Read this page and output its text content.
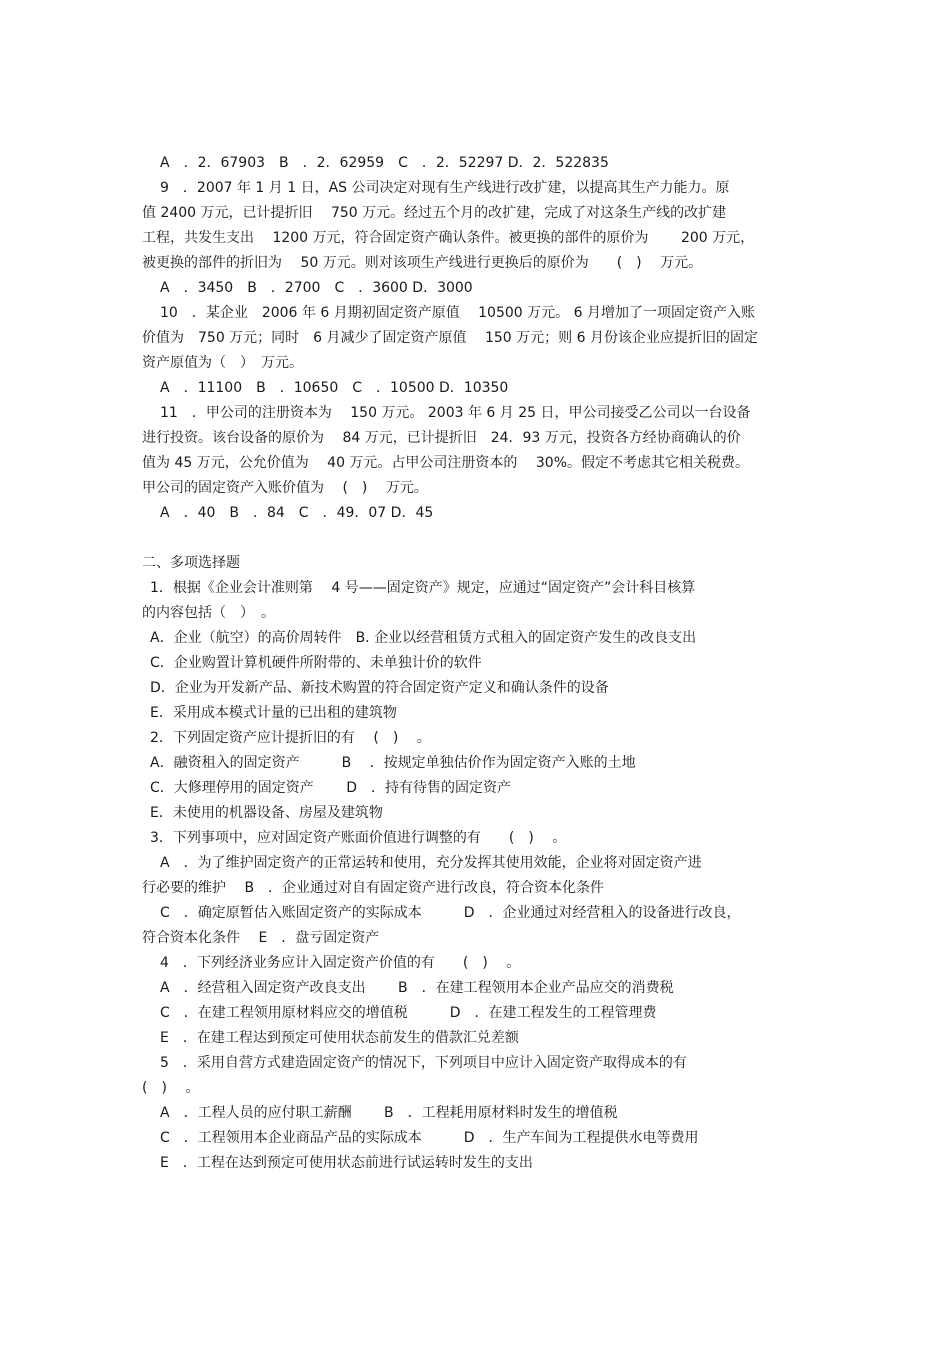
A　．2．67903　B　．2．62959　C　．2．52297 D．2．522835
9　．2007 年 1 月 1 日，AS 公司决定对现有生产线进行改扩建，以提高其生产力能力。原
值 2400 万元，已计提折旧　 750 万元。经过五个月的改扩建，完成了对这条生产线的改扩建
工程，共发生支出　 1200 万元，符合固定资产确认条件。被更换的部件的原价为　　 200 万元，
被更换的部件的折旧为　 50 万元。则对该项生产线进行更换后的原价为　　(　)　 万元。
A　．3450　B　．2700　C　．3600 D．3000
10　．某企业　2006 年 6 月期初固定资产原值　 10500 万元。 6 月增加了一项固定资产入账
价值为　750 万元；同时　6 月减少了固定资产原值　 150 万元；则 6 月份该企业应提折旧的固定
资产原值为（　）　万元。
A　．11100　B　．10650　C　．10500 D．10350
11　．甲公司的注册资本为　 150 万元。 2003 年 6 月 25 日，甲公司接受乙公司以一台设备
进行投资。该台设备的原价为　 84 万元，已计提折旧　24．93 万元，投资各方经协商确认的价
值为 45 万元，公允价值为　 40 万元。占甲公司注册资本的　 30%。假定不考虑其它相关税费。
甲公司的固定资产入账价值为　 (　)　 万元。
A　．40　B　．84　C　．49．07 D．45
二、多项选择题
1．根据《企业会计准则第　 4 号——固定资产》规定，应通过“固定资产”会计科目核算
的内容包括（　）　。
A．企业（航空）的高价周转件　B. 企业以经营租赁方式租入的固定资产发生的改良支出
C．企业购置计算机硬件所附带的、未单独计价的软件
D．企业为开发新产品、新技术购置的符合固定资产定义和确认条件的设备
E．采用成本模式计量的已出租的建筑物
2．下列固定资产应计提折旧的有　 (　)　 。
A．融资租入的固定资产　　　B　 ．按规定单独估价作为固定资产入账的土地
C．大修理停用的固定资产　　 D　．持有待售的固定资产
E．未使用的机器设备、房屋及建筑物
3．下列事项中，应对固定资产账面价值进行调整的有　　(　)　 。
A　．为了维护固定资产的正常运转和使用，充分发挥其使用效能，企业将对固定资产进
行必要的维护　 B　．企业通过对自有固定资产进行改良，符合资本化条件
C　．确定原暂估入账固定资产的实际成本　　　D　．企业通过对经营租入的设备进行改良，
符合资本化条件　 E　．盘亏固定资产
4　．下列经济业务应计入固定资产价值的有　　(　)　 。
A　．经营租入固定资产改良支出　　 B　．在建工程领用本企业产品应交的消费税
C　．在建工程领用原材料应交的增值税　　　D　．在建工程发生的工程管理费
E　．在建工程达到预定可使用状态前发生的借款汇兑差额
5　．采用自营方式建造固定资产的情况下，下列项目中应计入固定资产取得成本的有
(　)　 。
A　．工程人员的应付职工薪酬　　 B　．工程耗用原材料时发生的增值税
C　．工程领用本企业商品产品的实际成本　　　D　．生产车间为工程提供水电等费用
E　．工程在达到预定可使用状态前进行试运转时发生的支出
